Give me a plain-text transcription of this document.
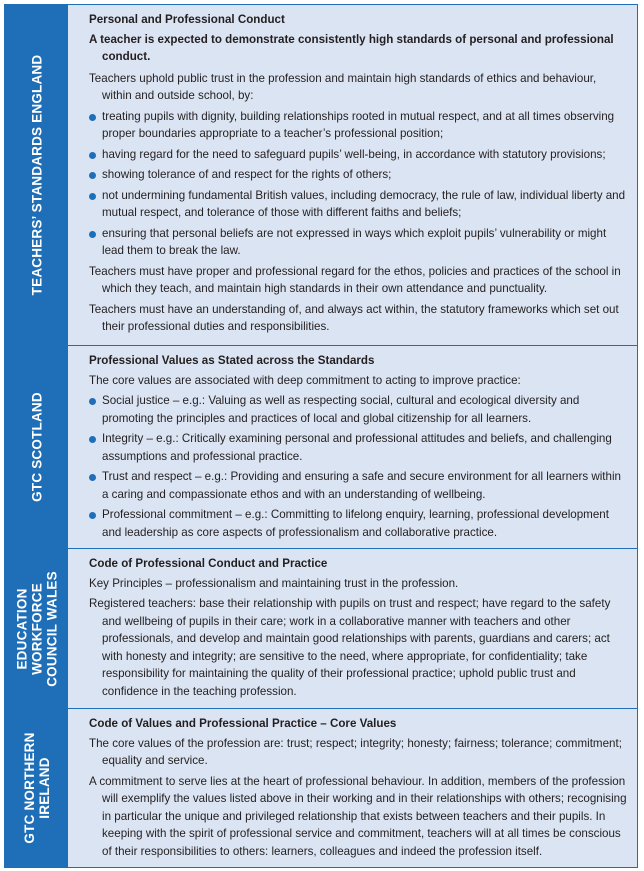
TEACHERS’ STANDARDS ENGLAND
Personal and Professional Conduct
A teacher is expected to demonstrate consistently high standards of personal and professional conduct.
Teachers uphold public trust in the profession and maintain high standards of ethics and behaviour, within and outside school, by:
treating pupils with dignity, building relationships rooted in mutual respect, and at all times observing proper boundaries appropriate to a teacher’s professional position;
having regard for the need to safeguard pupils’ well-being, in accordance with statutory provisions;
showing tolerance of and respect for the rights of others;
not undermining fundamental British values, including democracy, the rule of law, individual liberty and mutual respect, and tolerance of those with different faiths and beliefs;
ensuring that personal beliefs are not expressed in ways which exploit pupils’ vulnerability or might lead them to break the law.
Teachers must have proper and professional regard for the ethos, policies and practices of the school in which they teach, and maintain high standards in their own attendance and punctuality.
Teachers must have an understanding of, and always act within, the statutory frameworks which set out their professional duties and responsibilities.
GTC SCOTLAND
Professional Values as Stated across the Standards
The core values are associated with deep commitment to acting to improve practice:
Social justice – e.g.: Valuing as well as respecting social, cultural and ecological diversity and promoting the principles and practices of local and global citizenship for all learners.
Integrity – e.g.: Critically examining personal and professional attitudes and beliefs, and challenging assumptions and professional practice.
Trust and respect – e.g.: Providing and ensuring a safe and secure environment for all learners within a caring and compassionate ethos and with an understanding of wellbeing.
Professional commitment – e.g.: Committing to lifelong enquiry, learning, professional development and leadership as core aspects of professionalism and collaborative practice.
EDUCATION
WORKFORCE
COUNCIL WALES
Code of Professional Conduct and Practice
Key Principles – professionalism and maintaining trust in the profession.
Registered teachers: base their relationship with pupils on trust and respect; have regard to the safety and wellbeing of pupils in their care; work in a collaborative manner with teachers and other professionals, and develop and maintain good relationships with parents, guardians and carers; act with honesty and integrity; are sensitive to the need, where appropriate, for confidentiality; take responsibility for maintaining the quality of their professional practice; uphold public trust and confidence in the teaching profession.
GTC NORTHERN
IRELAND
Code of Values and Professional Practice – Core Values
The core values of the profession are: trust; respect; integrity; honesty; fairness; tolerance; commitment; equality and service.
A commitment to serve lies at the heart of professional behaviour. In addition, members of the profession will exemplify the values listed above in their working and in their relationships with others; recognising in particular the unique and privileged relationship that exists between teachers and their pupils. In keeping with the spirit of professional service and commitment, teachers will at all times be conscious of their responsibilities to others: learners, colleagues and indeed the profession itself.
